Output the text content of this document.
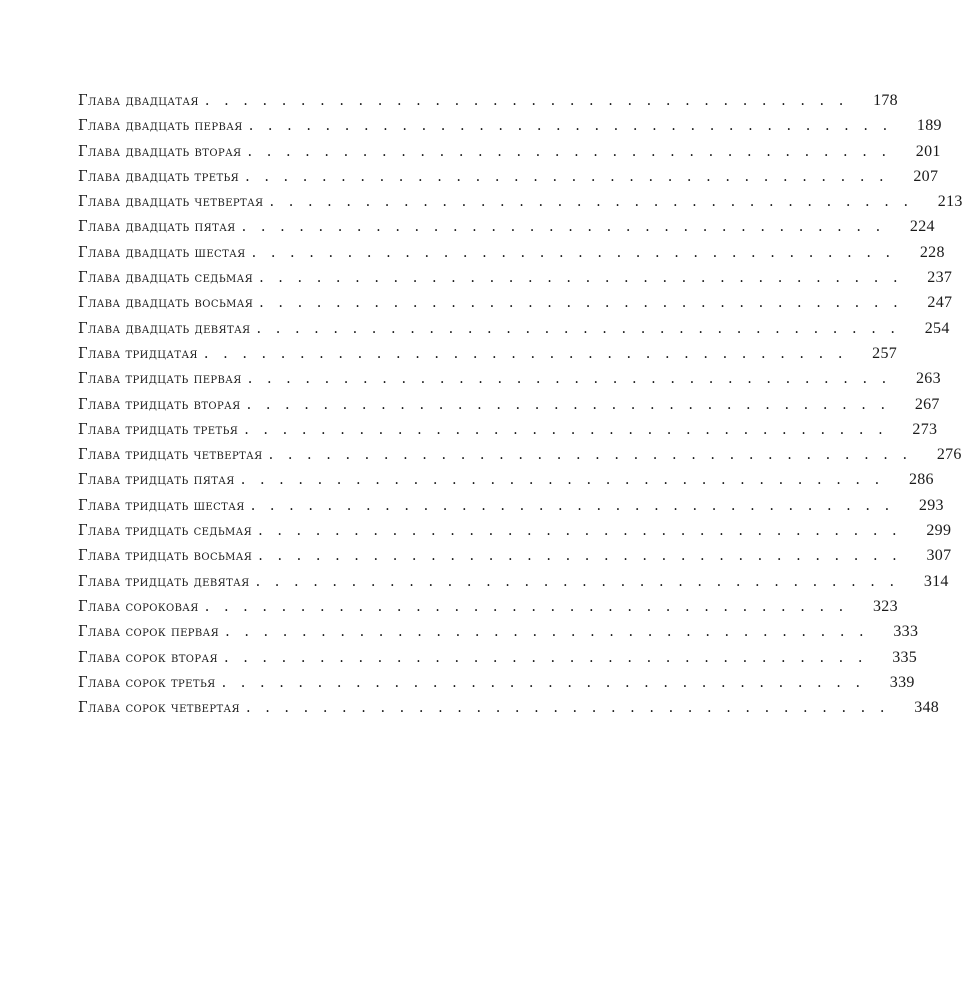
Глава двадцатая .................................. 178
Глава двадцать первая .................................. 189
Глава двадцать вторая .................................. 201
Глава двадцать третья .................................. 207
Глава двадцать четвертая .................................. 213
Глава двадцать пятая .................................. 224
Глава двадцать шестая .................................. 228
Глава двадцать седьмая .................................. 237
Глава двадцать восьмая .................................. 247
Глава двадцать девятая .................................. 254
Глава тридцатая .................................. 257
Глава тридцать первая .................................. 263
Глава тридцать вторая .................................. 267
Глава тридцать третья .................................. 273
Глава тридцать четвертая .................................. 276
Глава тридцать пятая .................................. 286
Глава тридцать шестая .................................. 293
Глава тридцать седьмая .................................. 299
Глава тридцать восьмая .................................. 307
Глава тридцать девятая .................................. 314
Глава сороковая .................................. 323
Глава сорок первая .................................. 333
Глава сорок вторая .................................. 335
Глава сорок третья .................................. 339
Глава сорок четвертая .................................. 348
